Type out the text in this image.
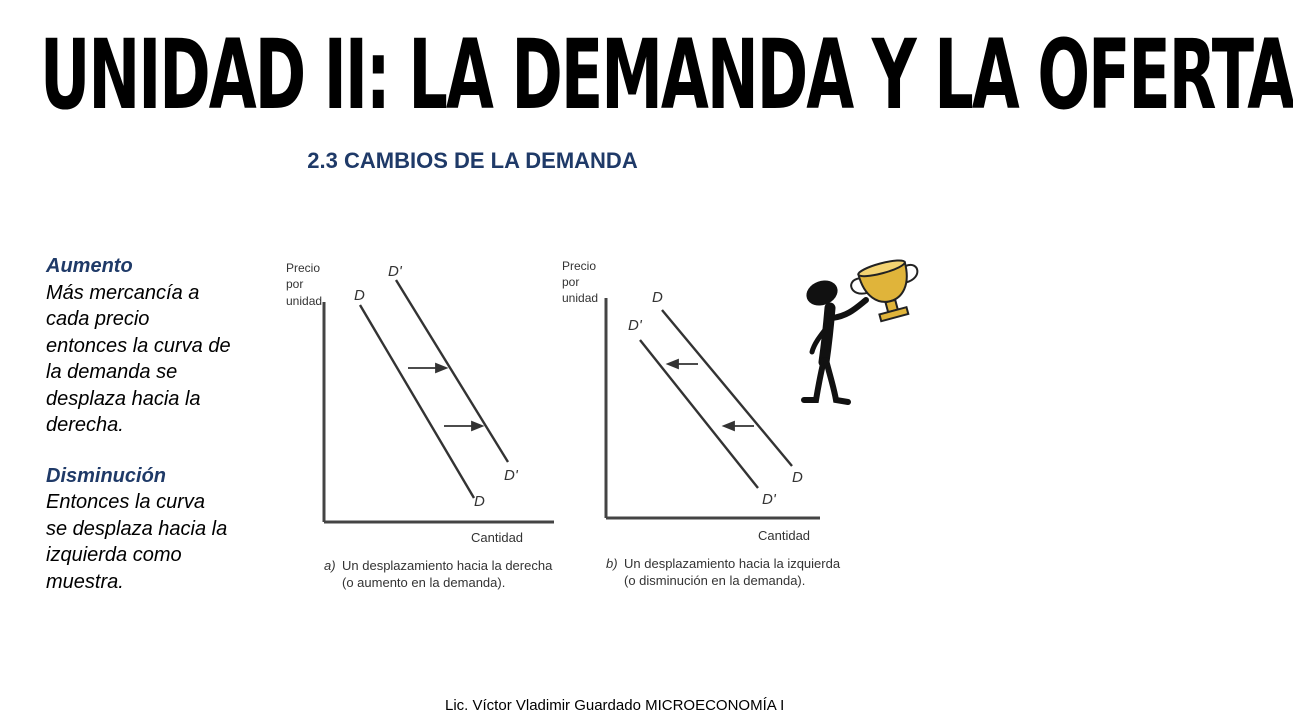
UNIDAD II: LA DEMANDA Y LA OFERTA
2.3 CAMBIOS DE LA DEMANDA
Aumento
Más mercancía a
cada precio
entonces la curva de
la demanda se
desplaza hacia la
derecha.
Disminución
Entonces la curva
se desplaza hacia la
izquierda como
muestra.
Precio
por
unidad
D'
D
D'
D
Cantidad
a) Un desplazamiento hacia la derecha
(o aumento en la demanda).
Precio
por
unidad	D
D'
D
D'
Cantidad
b) Un desplazamiento hacia la izquierda
(o disminución en la demanda).
Lic. Víctor Vladimir Guardado MICROECONOMÍA I
